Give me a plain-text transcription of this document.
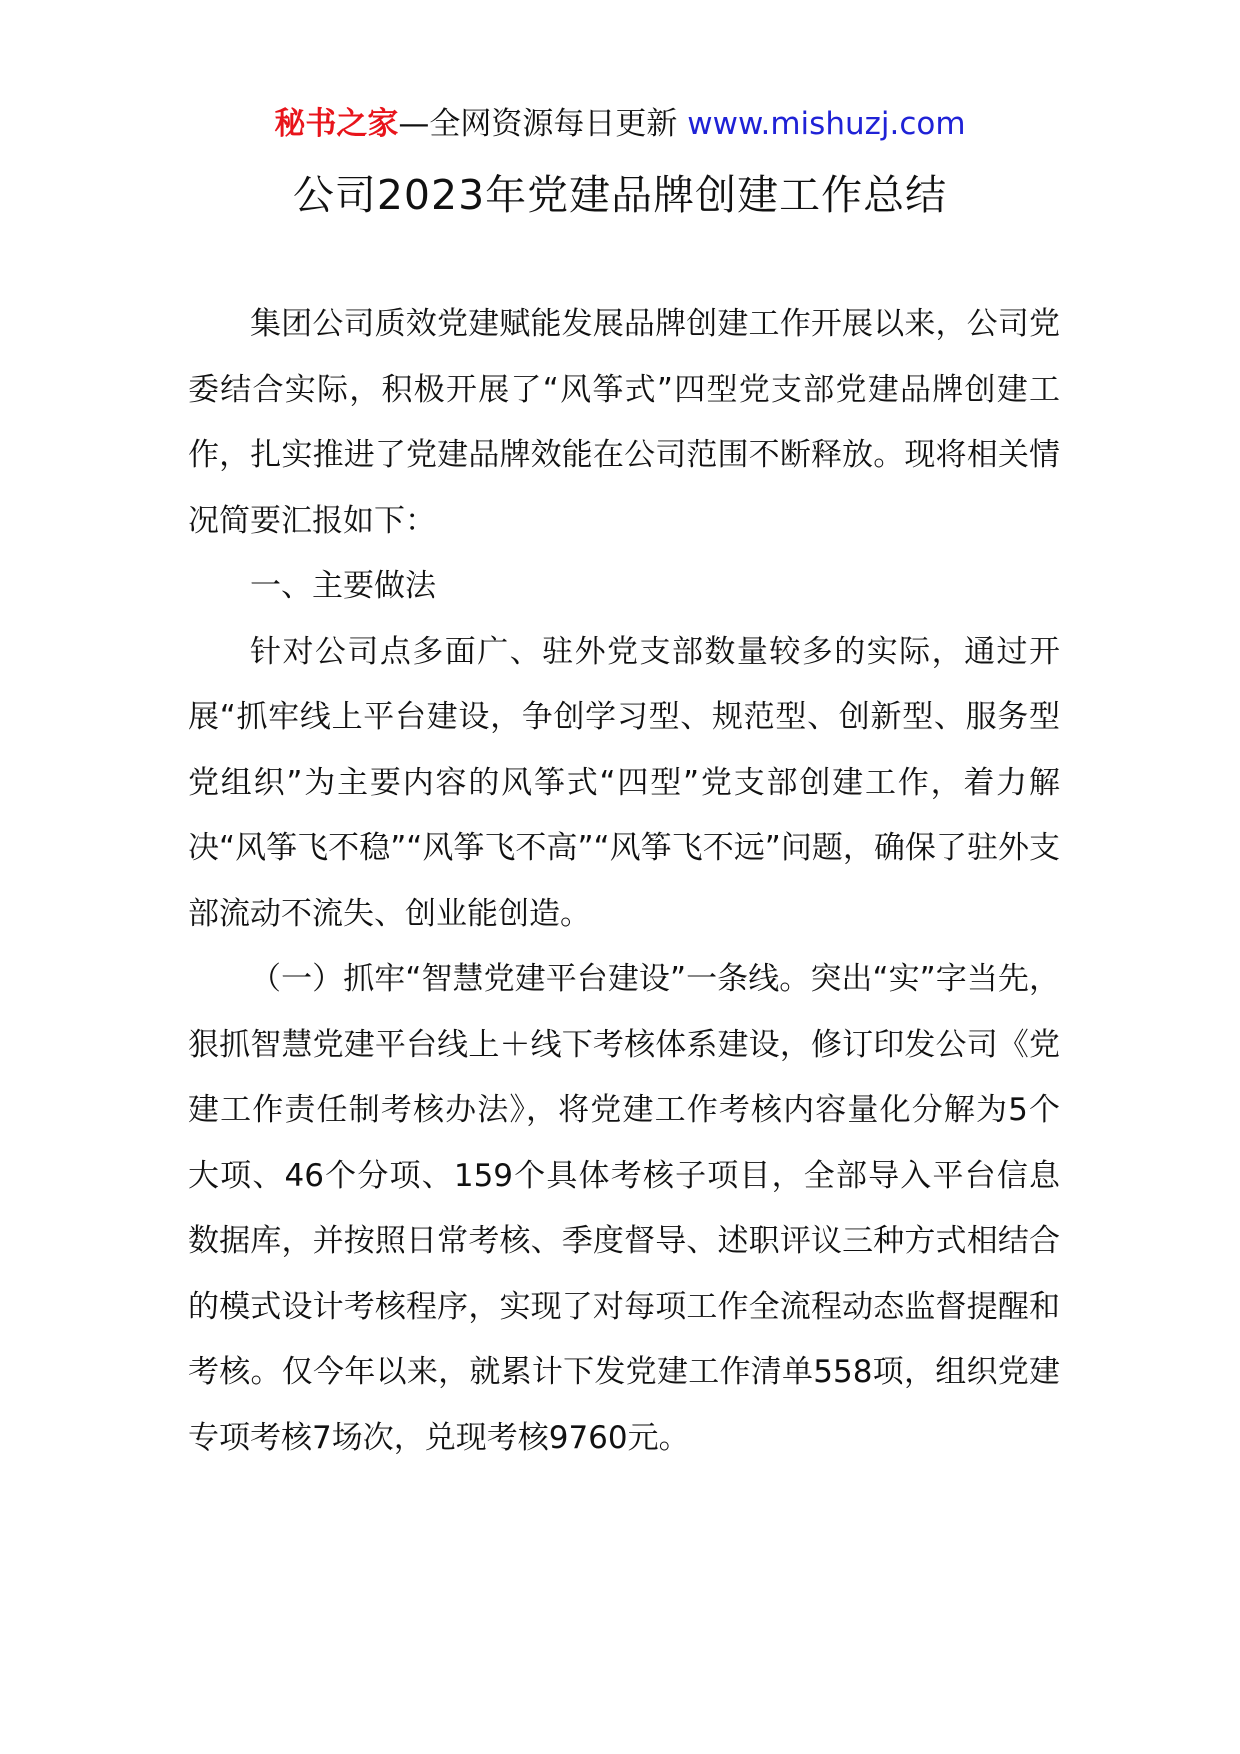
秘书之家—全网资源每日更新 www.mishuzj.com
公司2023年党建品牌创建工作总结

集团公司质效党建赋能发展品牌创建工作开展以来，公司党委结合实际，积极开展了“风筝式”四型党支部党建品牌创建工作，扎实推进了党建品牌效能在公司范围不断释放。现将相关情况简要汇报如下：

一、主要做法

针对公司点多面广、驻外党支部数量较多的实际，通过开展“抓牢线上平台建设，争创学习型、规范型、创新型、服务型党组织”为主要内容的风筝式“四型”党支部创建工作，着力解决“风筝飞不稳”“风筝飞不高”“风筝飞不远”问题，确保了驻外支部流动不流失、创业能创造。

（一）抓牢“智慧党建平台建设”一条线。突出“实”字当先，狠抓智慧党建平台线上＋线下考核体系建设，修订印发公司《党建工作责任制考核办法》，将党建工作考核内容量化分解为5个大项、46个分项、159个具体考核子项目，全部导入平台信息数据库，并按照日常考核、季度督导、述职评议三种方式相结合的模式设计考核程序，实现了对每项工作全流程动态监督提醒和考核。仅今年以来，就累计下发党建工作清单558项，组织党建专项考核7场次，兑现考核9760元。
